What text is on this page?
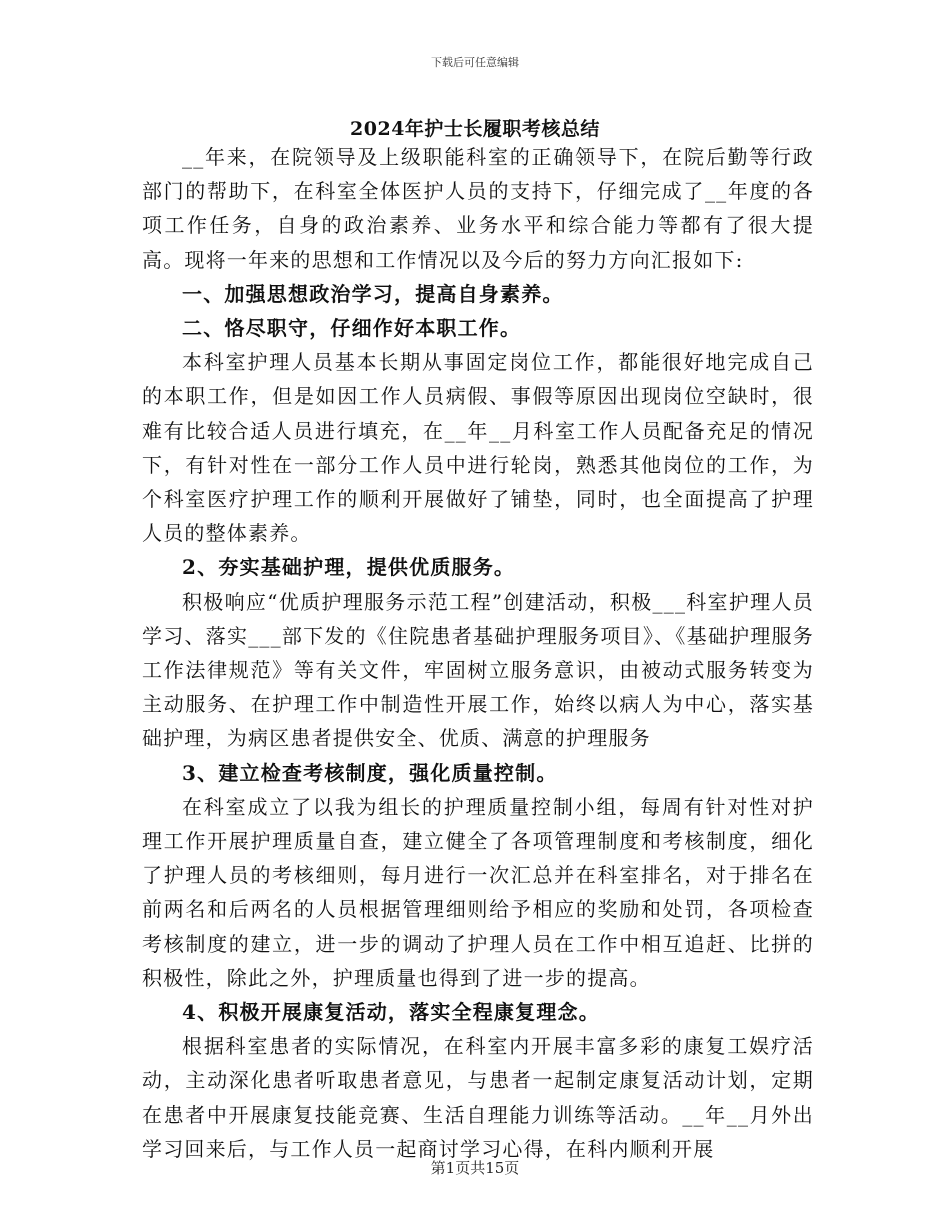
下载后可任意编辑
2024年护士长履职考核总结

__年来，在院领导及上级职能科室的正确领导下，在院后勤等行政部门的帮助下，在科室全体医护人员的支持下，仔细完成了__年度的各项工作任务，自身的政治素养、业务水平和综合能力等都有了很大提高。现将一年来的思想和工作情况以及今后的努力方向汇报如下:

一、加强思想政治学习，提高自身素养。

二、恪尽职守，仔细作好本职工作。

本科室护理人员基本长期从事固定岗位工作，都能很好地完成自己的本职工作，但是如因工作人员病假、事假等原因出现岗位空缺时，很难有比较合适人员进行填充，在__年__月科室工作人员配备充足的情况下，有针对性在一部分工作人员中进行轮岗，熟悉其他岗位的工作，为个科室医疗护理工作的顺利开展做好了铺垫，同时，也全面提高了护理人员的整体素养。

2、夯实基础护理，提供优质服务。

积极响应“优质护理服务示范工程”创建活动，积极___科室护理人员学习、落实___部下发的《住院患者基础护理服务项目》、《基础护理服务工作法律规范》等有关文件，牢固树立服务意识，由被动式服务转变为主动服务、在护理工作中制造性开展工作，始终以病人为中心，落实基础护理，为病区患者提供安全、优质、满意的护理服务

3、建立检查考核制度，强化质量控制。

在科室成立了以我为组长的护理质量控制小组，每周有针对性对护理工作开展护理质量自查，建立健全了各项管理制度和考核制度，细化了护理人员的考核细则，每月进行一次汇总并在科室排名，对于排名在前两名和后两名的人员根据管理细则给予相应的奖励和处罚，各项检查考核制度的建立，进一步的调动了护理人员在工作中相互追赶、比拼的积极性，除此之外，护理质量也得到了进一步的提高。

4、积极开展康复活动，落实全程康复理念。

根据科室患者的实际情况，在科室内开展丰富多彩的康复工娱疗活动，主动深化患者听取患者意见，与患者一起制定康复活动计划，定期在患者中开展康复技能竞赛、生活自理能力训练等活动。__年__月外出学习回来后，与工作人员一起商讨学习心得，在科内顺利开展

第1页共15页
